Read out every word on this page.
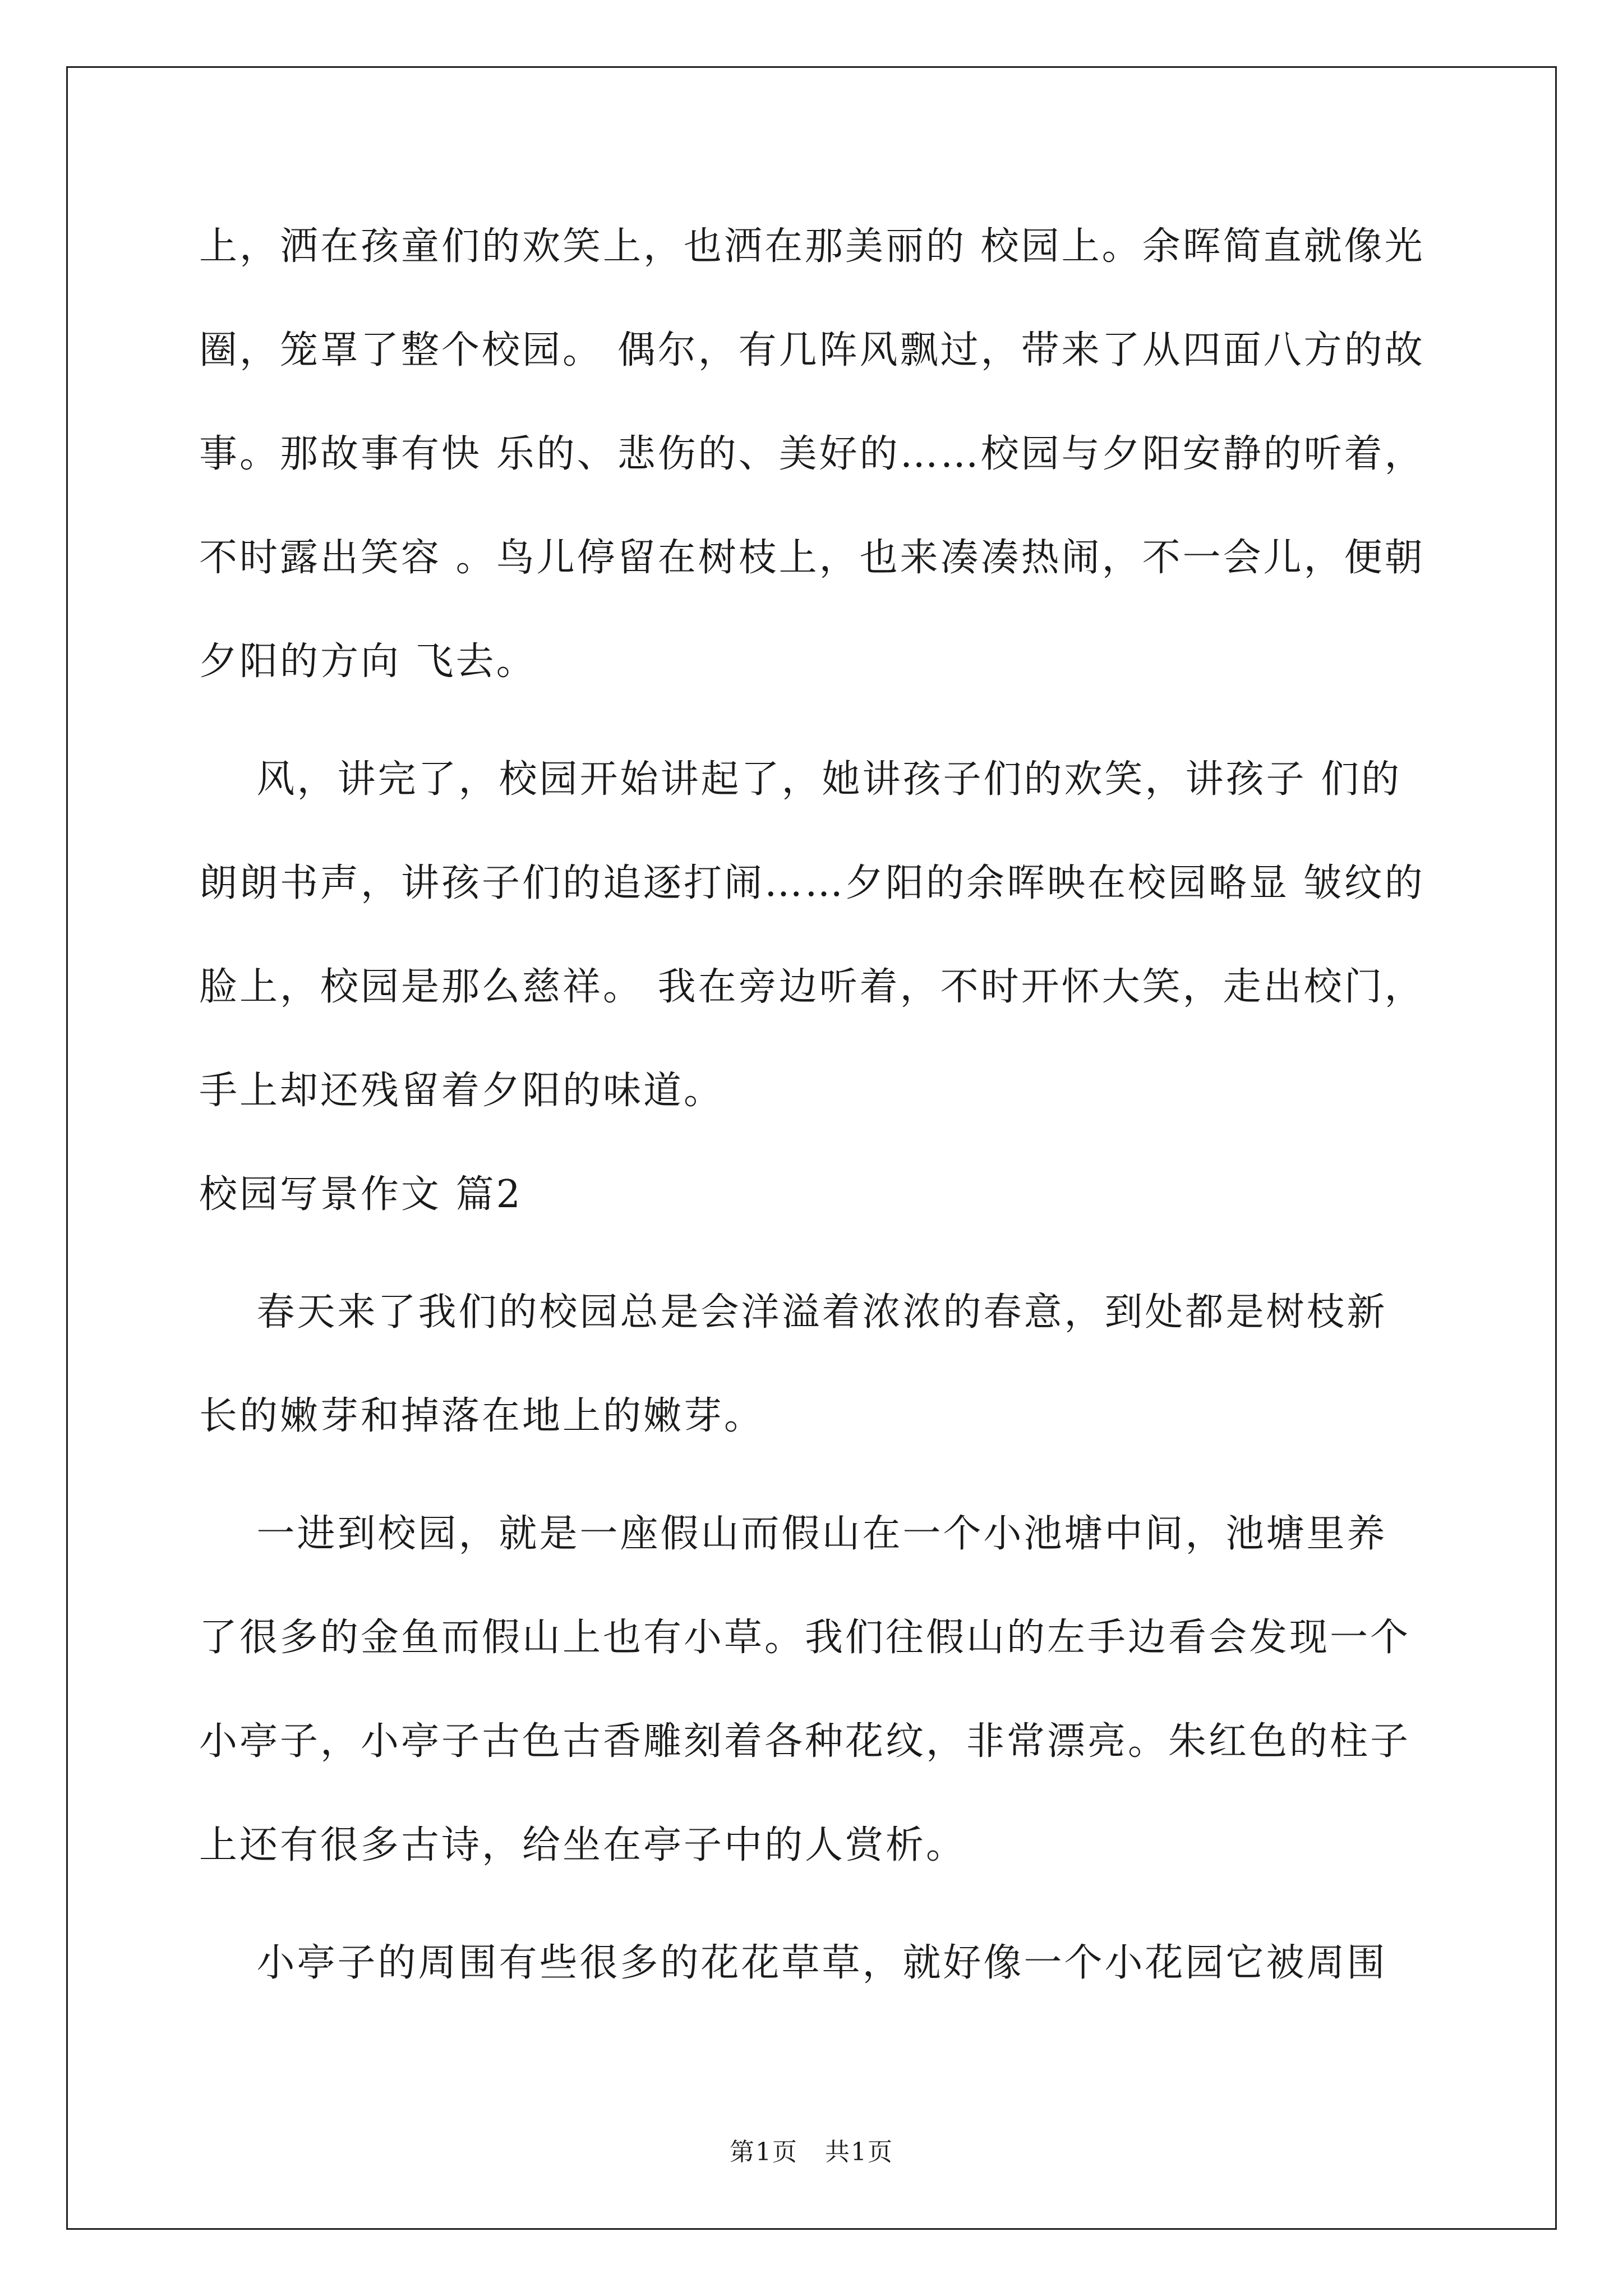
上，洒在孩童们的欢笑上，也洒在那美丽的 校园上。余晖简直就像光
圈，笼罩了整个校园。 偶尔，有几阵风飘过，带来了从四面八方的故
事。那故事有快 乐的、悲伤的、美好的……校园与夕阳安静的听着，
不时露出笑容 。鸟儿停留在树枝上，也来凑凑热闹，不一会儿，便朝
夕阳的方向 飞去。
风，讲完了，校园开始讲起了，她讲孩子们的欢笑，讲孩子 们的
朗朗书声，讲孩子们的追逐打闹……夕阳的余晖映在校园略显 皱纹的
脸上，校园是那么慈祥。 我在旁边听着，不时开怀大笑，走出校门，
手上却还残留着夕阳的味道。
校园写景作文 篇2
春天来了我们的校园总是会洋溢着浓浓的春意，到处都是树枝新
长的嫩芽和掉落在地上的嫩芽。
一进到校园，就是一座假山而假山在一个小池塘中间，池塘里养
了很多的金鱼而假山上也有小草。我们往假山的左手边看会发现一个
小亭子，小亭子古色古香雕刻着各种花纹，非常漂亮。朱红色的柱子
上还有很多古诗，给坐在亭子中的人赏析。
小亭子的周围有些很多的花花草草，就好像一个小花园它被周围
第1页   共1页
